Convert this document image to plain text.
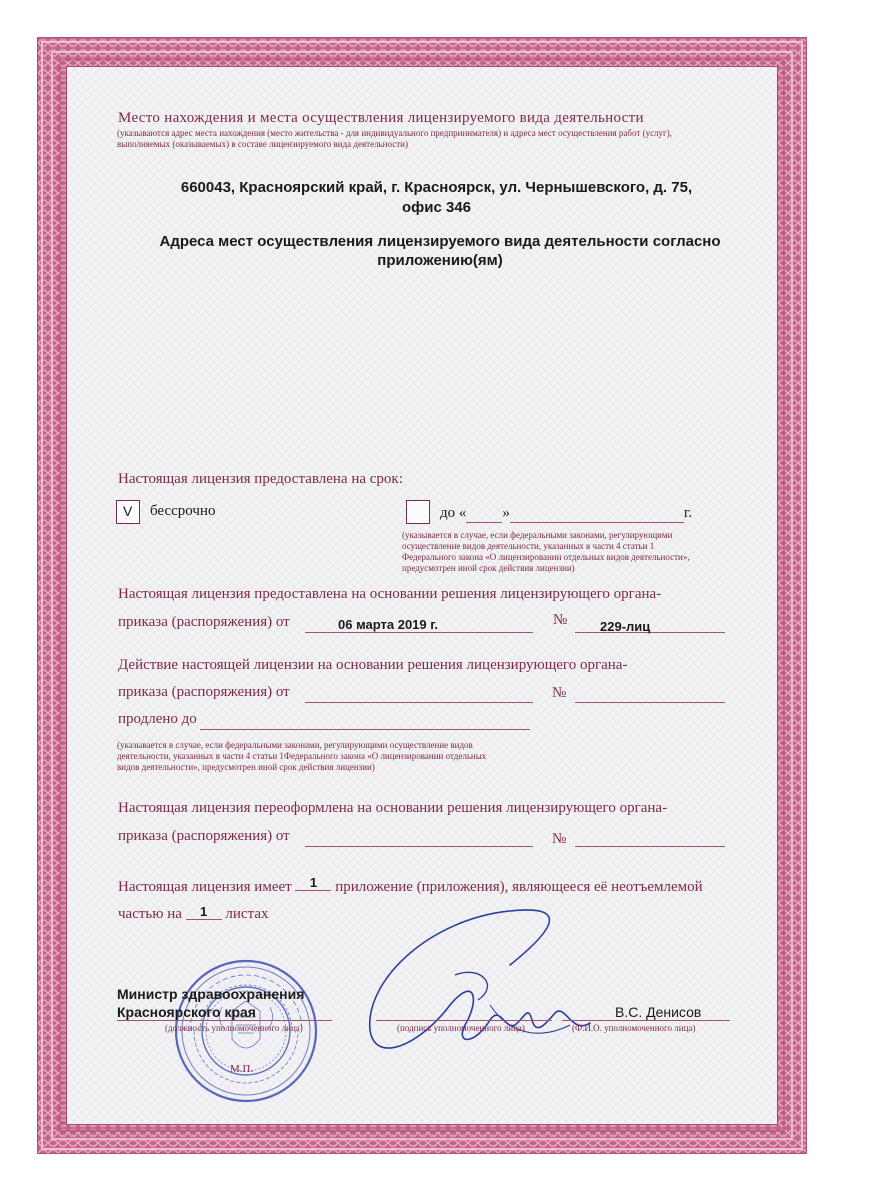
Место нахождения и места осуществления лицензируемого вида деятельности
(указываются адрес места нахождения (место жительства - для индивидуального предпринимателя) и адреса мест осуществления работ (услуг),
выполняемых (оказываемых) в составе лицензируемого вида деятельности)
660043, Красноярский край, г. Красноярск, ул. Чернышевского, д. 75,
офис 346
Адреса мест осуществления лицензируемого вида деятельности согласно
приложению(ям)
Настоящая лицензия предоставлена на срок:
V бессрочно	до « »	г.
(указывается в случае, если федеральными законами, регулирующими
осуществление видов деятельности, указанных в части 4 статьи 1
Федерального закона «О лицензировании отдельных видов деятельности»,
предусмотрен иной срок действия лицензии)
Настоящая лицензия предоставлена на основании решения лицензирующего органа-
приказа (распоряжения) от	06 марта 2019 г.	№	229-лиц
Действие настоящей лицензии на основании решения лицензирующего органа-
приказа (распоряжения) от	№
продлено до
(указывается в случае, если федеральными законами, регулирующими осуществление видов
деятельности, указанных в части 4 статьи 1Федерального закона «О лицензировании отдельных
видов деятельности», предусмотрен иной срок действия лицензии)
Настоящая лицензия переоформлена на основании решения лицензирующего органа-
приказа (распоряжения) от	№
Настоящая лицензия имеет 1 приложение (приложения), являющееся её неотъемлемой
частью на 1 листах
Министр здравоохранения
Красноярского края
(должность уполномоченного лица)	(подпись уполномоченного лица)
В.С. Денисов
(Ф.И.О. уполномоченного лица)
М.П.
